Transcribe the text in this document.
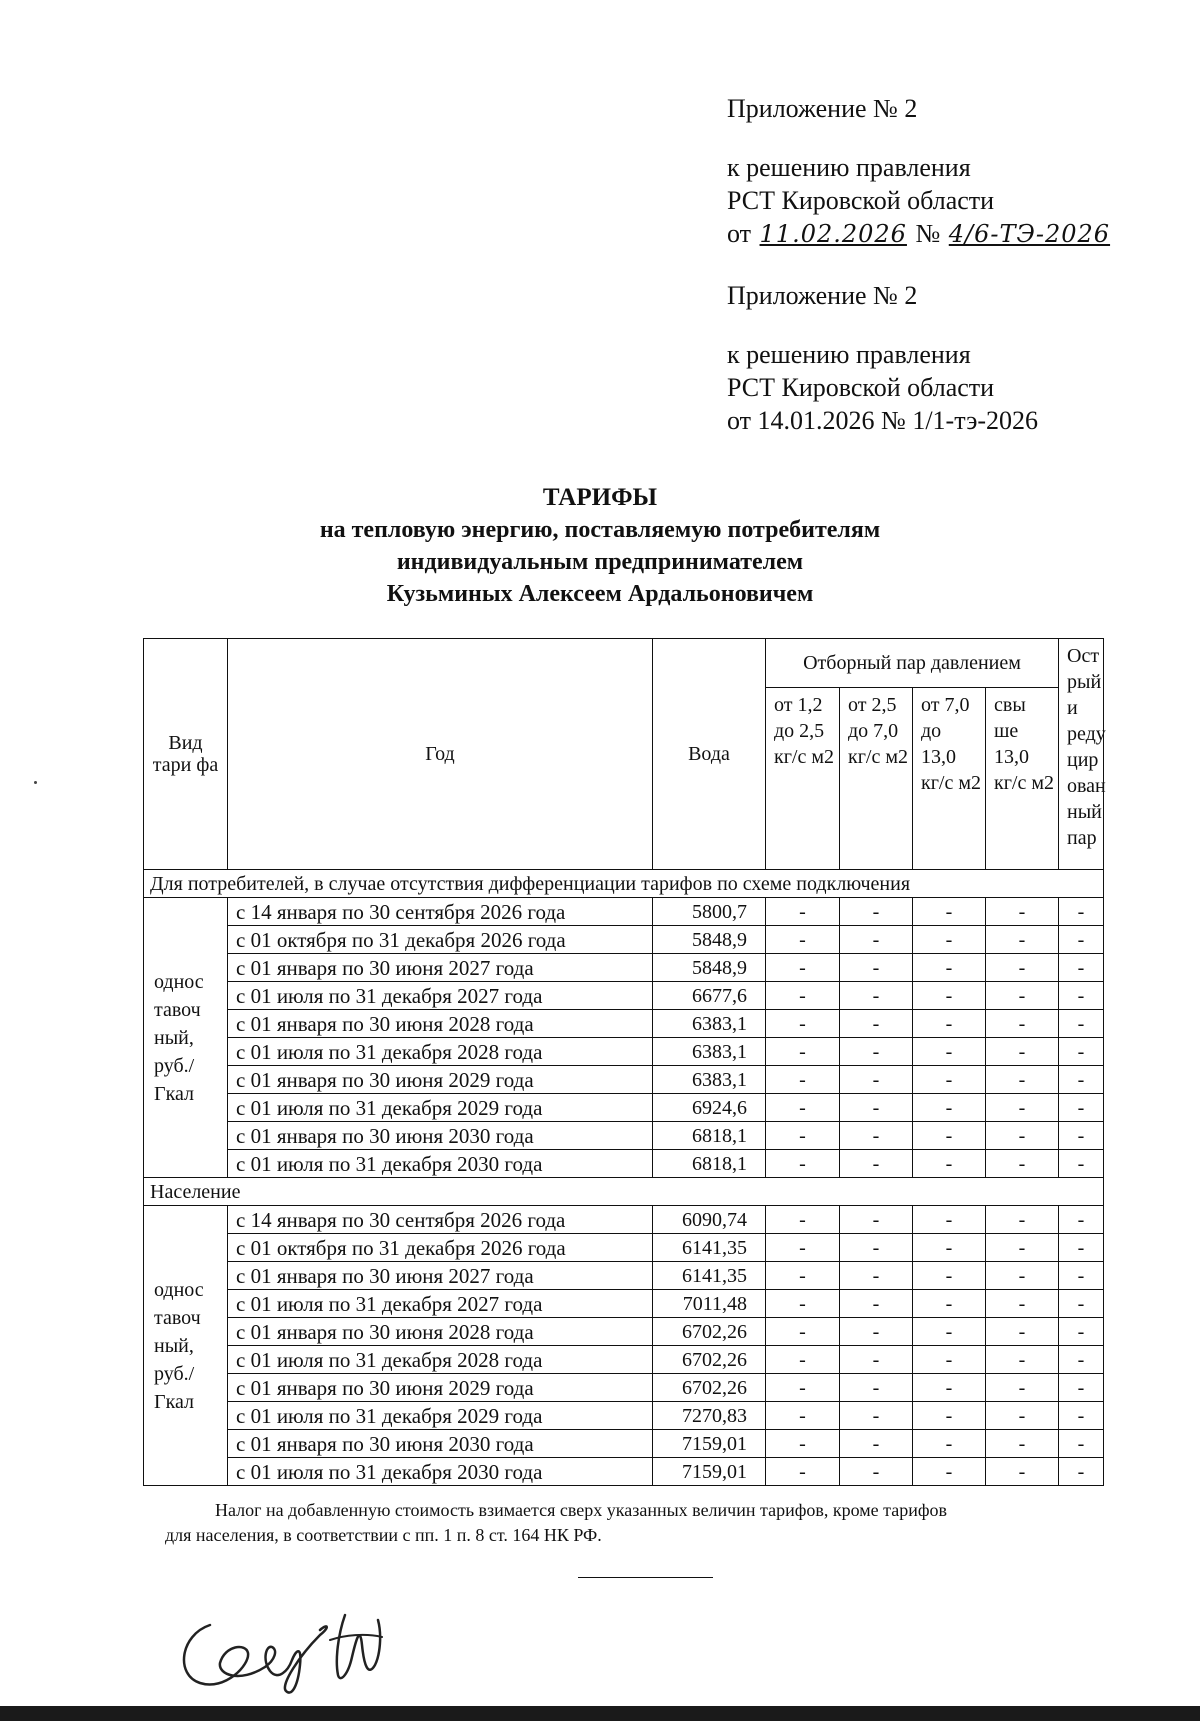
Приложение № 2
к решению правления
РСТ Кировской области
от 11.02.2026 № 4/6-ТЭ-2026
Приложение № 2
к решению правления
РСТ Кировской области
от 14.01.2026 № 1/1-тэ-2026
ТАРИФЫ
на тепловую энергию, поставляемую потребителям
индивидуальным предпринимателем
Кузьминых Алексеем Ардальоновичем
Вид тари фа	Год	Вода	Отборный пар давлением				Ост рый и реду цир ован ный пар
			от 1,2 до 2,5 кг/с м2	от 2,5 до 7,0 кг/с м2	от 7,0 до 13,0 кг/с м2	свы ше 13,0 кг/с м2	
Для потребителей, в случае отсутствия дифференциации тарифов по схеме подключения							
однос тавоч ный, руб./ Гкал	с 14 января по 30 сентября 2026 года	5800,7	-	-	-	-	-
	с 01 октября по 31 декабря 2026 года	5848,9	-	-	-	-	-
	с 01 января по 30 июня 2027 года	5848,9	-	-	-	-	-
	с 01 июля по 31 декабря 2027 года	6677,6	-	-	-	-	-
	с 01 января по 30 июня 2028 года	6383,1	-	-	-	-	-
	с 01 июля по 31 декабря 2028 года	6383,1	-	-	-	-	-
	с 01 января по 30 июня 2029 года	6383,1	-	-	-	-	-
	с 01 июля по 31 декабря 2029 года	6924,6	-	-	-	-	-
	с 01 января по 30 июня 2030 года	6818,1	-	-	-	-	-
	с 01 июля по 31 декабря 2030 года	6818,1	-	-	-	-	-
Население							
однос тавоч ный, руб./ Гкал	с 14 января по 30 сентября 2026 года	6090,74	-	-	-	-	-
	с 01 октября по 31 декабря 2026 года	6141,35	-	-	-	-	-
	с 01 января по 30 июня 2027 года	6141,35	-	-	-	-	-
	с 01 июля по 31 декабря 2027 года	7011,48	-	-	-	-	-
	с 01 января по 30 июня 2028 года	6702,26	-	-	-	-	-
	с 01 июля по 31 декабря 2028 года	6702,26	-	-	-	-	-
	с 01 января по 30 июня 2029 года	6702,26	-	-	-	-	-
	с 01 июля по 31 декабря 2029 года	7270,83	-	-	-	-	-
	с 01 января по 30 июня 2030 года	7159,01	-	-	-	-	-
	с 01 июля по 31 декабря 2030 года	7159,01	-	-	-	-	-
Налог на добавленную стоимость взимается сверх указанных величин тарифов, кроме тарифов
для населения, в соответствии с пп. 1 п. 8 ст. 164 НК РФ.
